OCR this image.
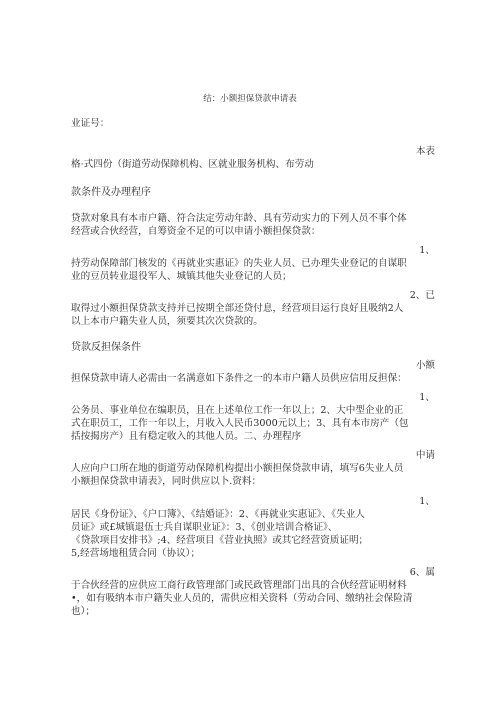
结：小额担保贷款申请表
业证号：
本表
格·式四份（街道劳动保障机构、区就业服务机构、布劳动
款条件及办理程序
贷款对象具有本市户籍、符合法定劳动年龄、具有劳动实力的下列人员不事个体
经营或合伙经营，自筹资金不足的可以申请小额担保贷款：
1、
持劳动保障部门核发的《再就业实惠证》的失业人员、已办理失业登记的自谋职
业的豆员转业退役军人、城镇其他失业登记的人员；
2、已
取得过小额担保贷款支持并已按期全部还贷付息，经营项目运行良好且吸纳2人
以上本市户籍失业人员，须要其次次贷款的。
贷款反担保条件
小额
担保贷款申请人必需由一名满意如下条件之一的本市户籍人员供应信用反担保：
1、
公务员、事业单位在编职员，且在上述单位工作一年以上；2、大中型企业的正
式在职员工，工作一年以上，月收入人民币3000元以上；3、具有本市房产（包
括按揭房产）且有稳定收入的其他人员。二、办理程序
中请
人应向户口所在地的街道劳动保障机构提出小额担保贷款申请，填写6失业人员
小额担保贷款申请表》，同时供应以卜.资料：
1、
居民《身份证》、《户口簿》、《结婚证》：2、《再就业实惠证》、《失业人
员证》或£城镇退伍士兵自谋职业证》：3、《创业培训合格证》、
《贷款项目安排书》;4、经营项目《营业执照》或其它经营资质证明；
5,经营场地租赁合同（协议）；
6、属
于合伙经营的应供应工商行政管理部门或民政管理部门出具的合伙经营证明材料
•，如有吸纳本市户籍失业人员的，需供应相关资料（劳动合同、缴纳社会保险清
也）；
